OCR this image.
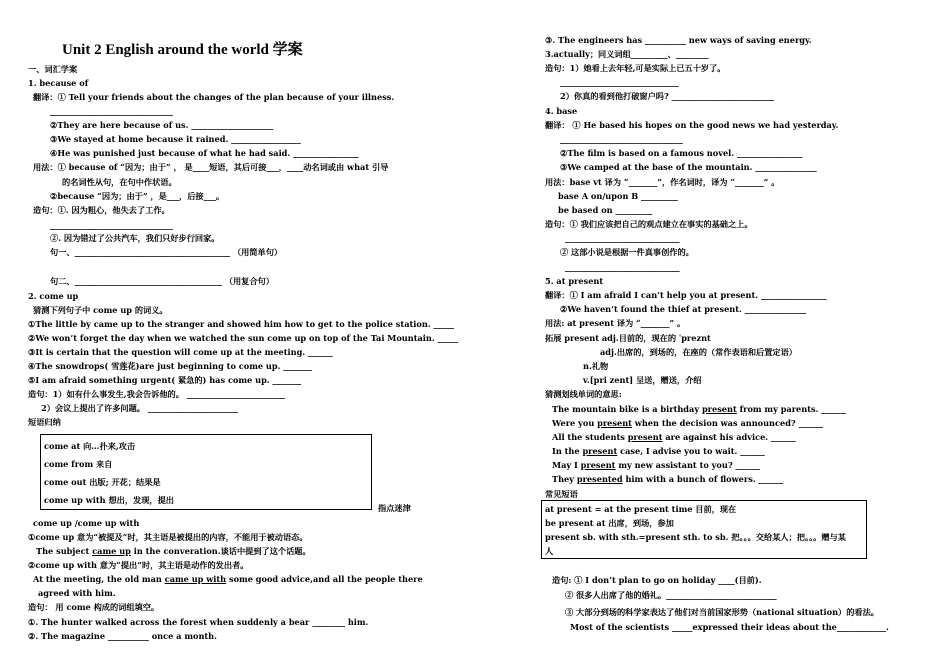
Unit 2 English around the world 学案
一、词汇学案
1. because of
翻译：① Tell your friends about the changes of the plan because of your illness.
______________________________
②They are here because of us. ____________________
③We stayed at home because it rained. _________________
④He was punished just because of what he had said. ________________
用法：① because of “因为；由于” ， 是____短语，其后可接___，____动名词或由 what 引导
的名词性从句，在句中作状语。
②because “因为；由于” ，是___，后接___。
造句：①. 因为粗心，他失去了工作。
______________________________
②. 因为错过了公共汽车，我们只好步行回家。
句一、______________________________________ （用简单句）
句二、____________________________________ （用复合句）
2. come up
猜测下列句子中 come up 的词义。
①The little by came up to the stranger and showed him how to get to the police station. _____
②We won’t forget the day when we watched the sun come up on top of the Tai Mountain. _____
③It is certain that the question will come up at the meeting. ______
④The snowdrops( 雪莲花)are just beginning to come up. _______
⑤I am afraid something urgent( 紧急的) has come up. _______
造句：1）如有什么事发生,我会告诉他的。 ________________________
2）会议上提出了许多问题。 ______________________
短语归纳
指点迷津
come up /come up with
①come up 意为“被提及”时，其主语是被提出的内容，不能用于被动语态。
The subject came up in the converation.谈话中提到了这个话题。
②come up with 意为“提出”时，其主语是动作的发出者。
At the meeting, the old man came up with some good advice,and all the people there
agreed with him.
造句： 用 come 构成的词组填空。
①. The hunter walked across the forest when suddenly a bear ________ him.
②. The magazine __________ once a month.
come at 向…扑来,攻击
come from 来自
come out 出版; 开花；结果是
come up with 想出，发现，提出
③. The engineers has __________ new ways of saving energy.
3.actually；同义词组_________、________
造句：1）她看上去年轻,可是实际上已五十岁了。
_____________________________
2）你真的看到他打破窗户吗? _________________________
4. base
翻译： ① He based his hopes on the good news we had yesterday.
______________________________
②The film is based on a famous novel. ________________
③We camped at the base of the mountain. _______________
用法：base vt 译为 “_______”，作名词时，译为 “_______” 。
base A on/upon B _________
be based on _________
造句：① 我们应该把自己的观点建立在事实的基础之上。
____________________________
② 这部小说是根据一件真事创作的。
____________________________
5. at present
翻译：① I am afraid I can’t help you at present. ________________
②We haven’t found the thief at present. _______________
用法: at present 译为 “_______” 。
拓展 present adj.目前的，现在的 ˈpreznt
adj.出席的，到场的，在座的（常作表语和后置定语）
n.礼物
v.[pri zent] 呈送，赠送，介绍
猜测划线单词的意思:
The mountain bike is a birthday present from my parents. ______
Were you present when the decision was announced? ______
All the students present are against his advice. ______
In the present case, I advise you to wait. ______
May I present my new assistant to you? ______
They presented him with a bunch of flowers. ______
常见短语
造句: ① I don’t plan to go on holiday ____(目前).
② 很多人出席了他的婚礼。___________________________
③ 大部分到场的科学家表达了他们对当前国家形势（national situation）的看法。
Most of the scientists _____expressed their ideas about the____________.
at present = at the present time 目前，现在
be present at 出席，到场，参加
present sb. with sth.=present sth. to sb. 把。。。交给某人；把。。。赠与某
人
